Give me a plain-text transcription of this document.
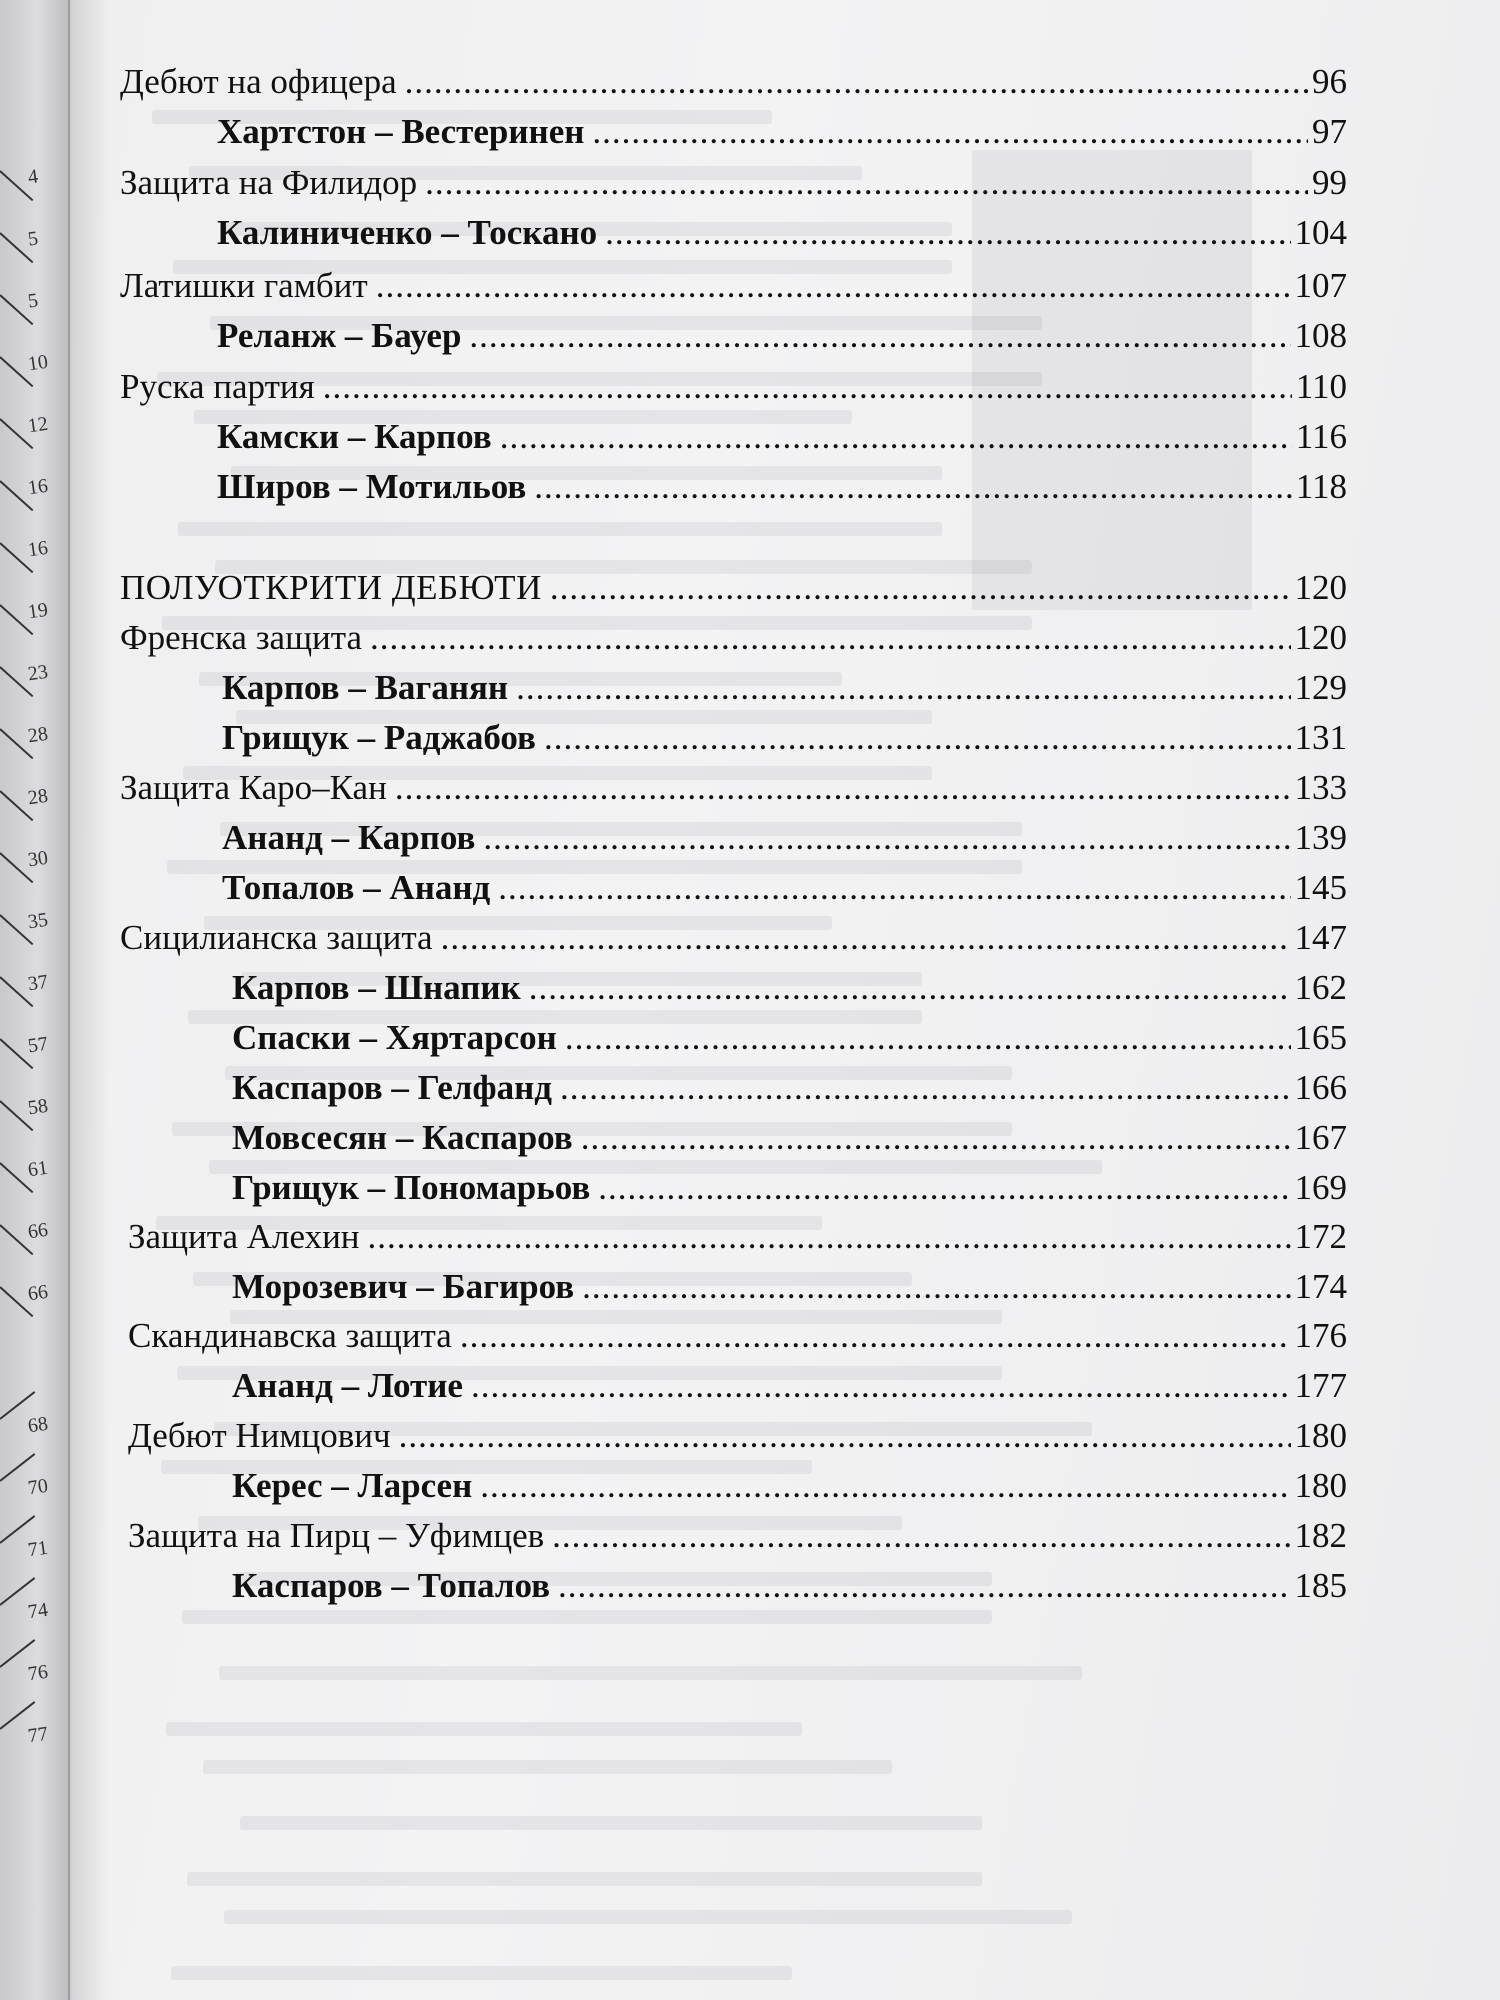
4
5
5
10
12
16
16
19
23
28
28
30
35
37
57
58
61
66
66
68
70
71
74
76
77
Дебют на офицера .....	96
Хартстон – Вестеринен .....	97
Защита на Филидор .....	99
Калиниченко – Тоскано .....	104
Латишки гамбит .....	107
Реланж – Бауер .....	108
Руска партия .....	110
Камски – Карпов .....	116
Широв – Мотильов .....	118
ПОЛУОТКРИТИ ДЕБЮТИ .....	120
Френска защита .....	120
Карпов – Ваганян .....	129
Грищук – Раджабов .....	131
Защита Каро–Кан .....	133
Ананд – Карпов .....	139
Топалов – Ананд .....	145
Сицилианска защита .....	147
Карпов – Шнапик .....	162
Спаски – Хяртарсон .....	165
Каспаров – Гелфанд .....	166
Мовсесян – Каспаров .....	167
Грищук – Пономарьов .....	169
Защита Алехин .....	172
Морозевич – Багиров .....	174
Скандинавска защита .....	176
Ананд – Лотие .....	177
Дебют Нимцович .....	180
Керес – Ларсен .....	180
Защита на Пирц – Уфимцев .....	182
Каспаров – Топалов .....	185
